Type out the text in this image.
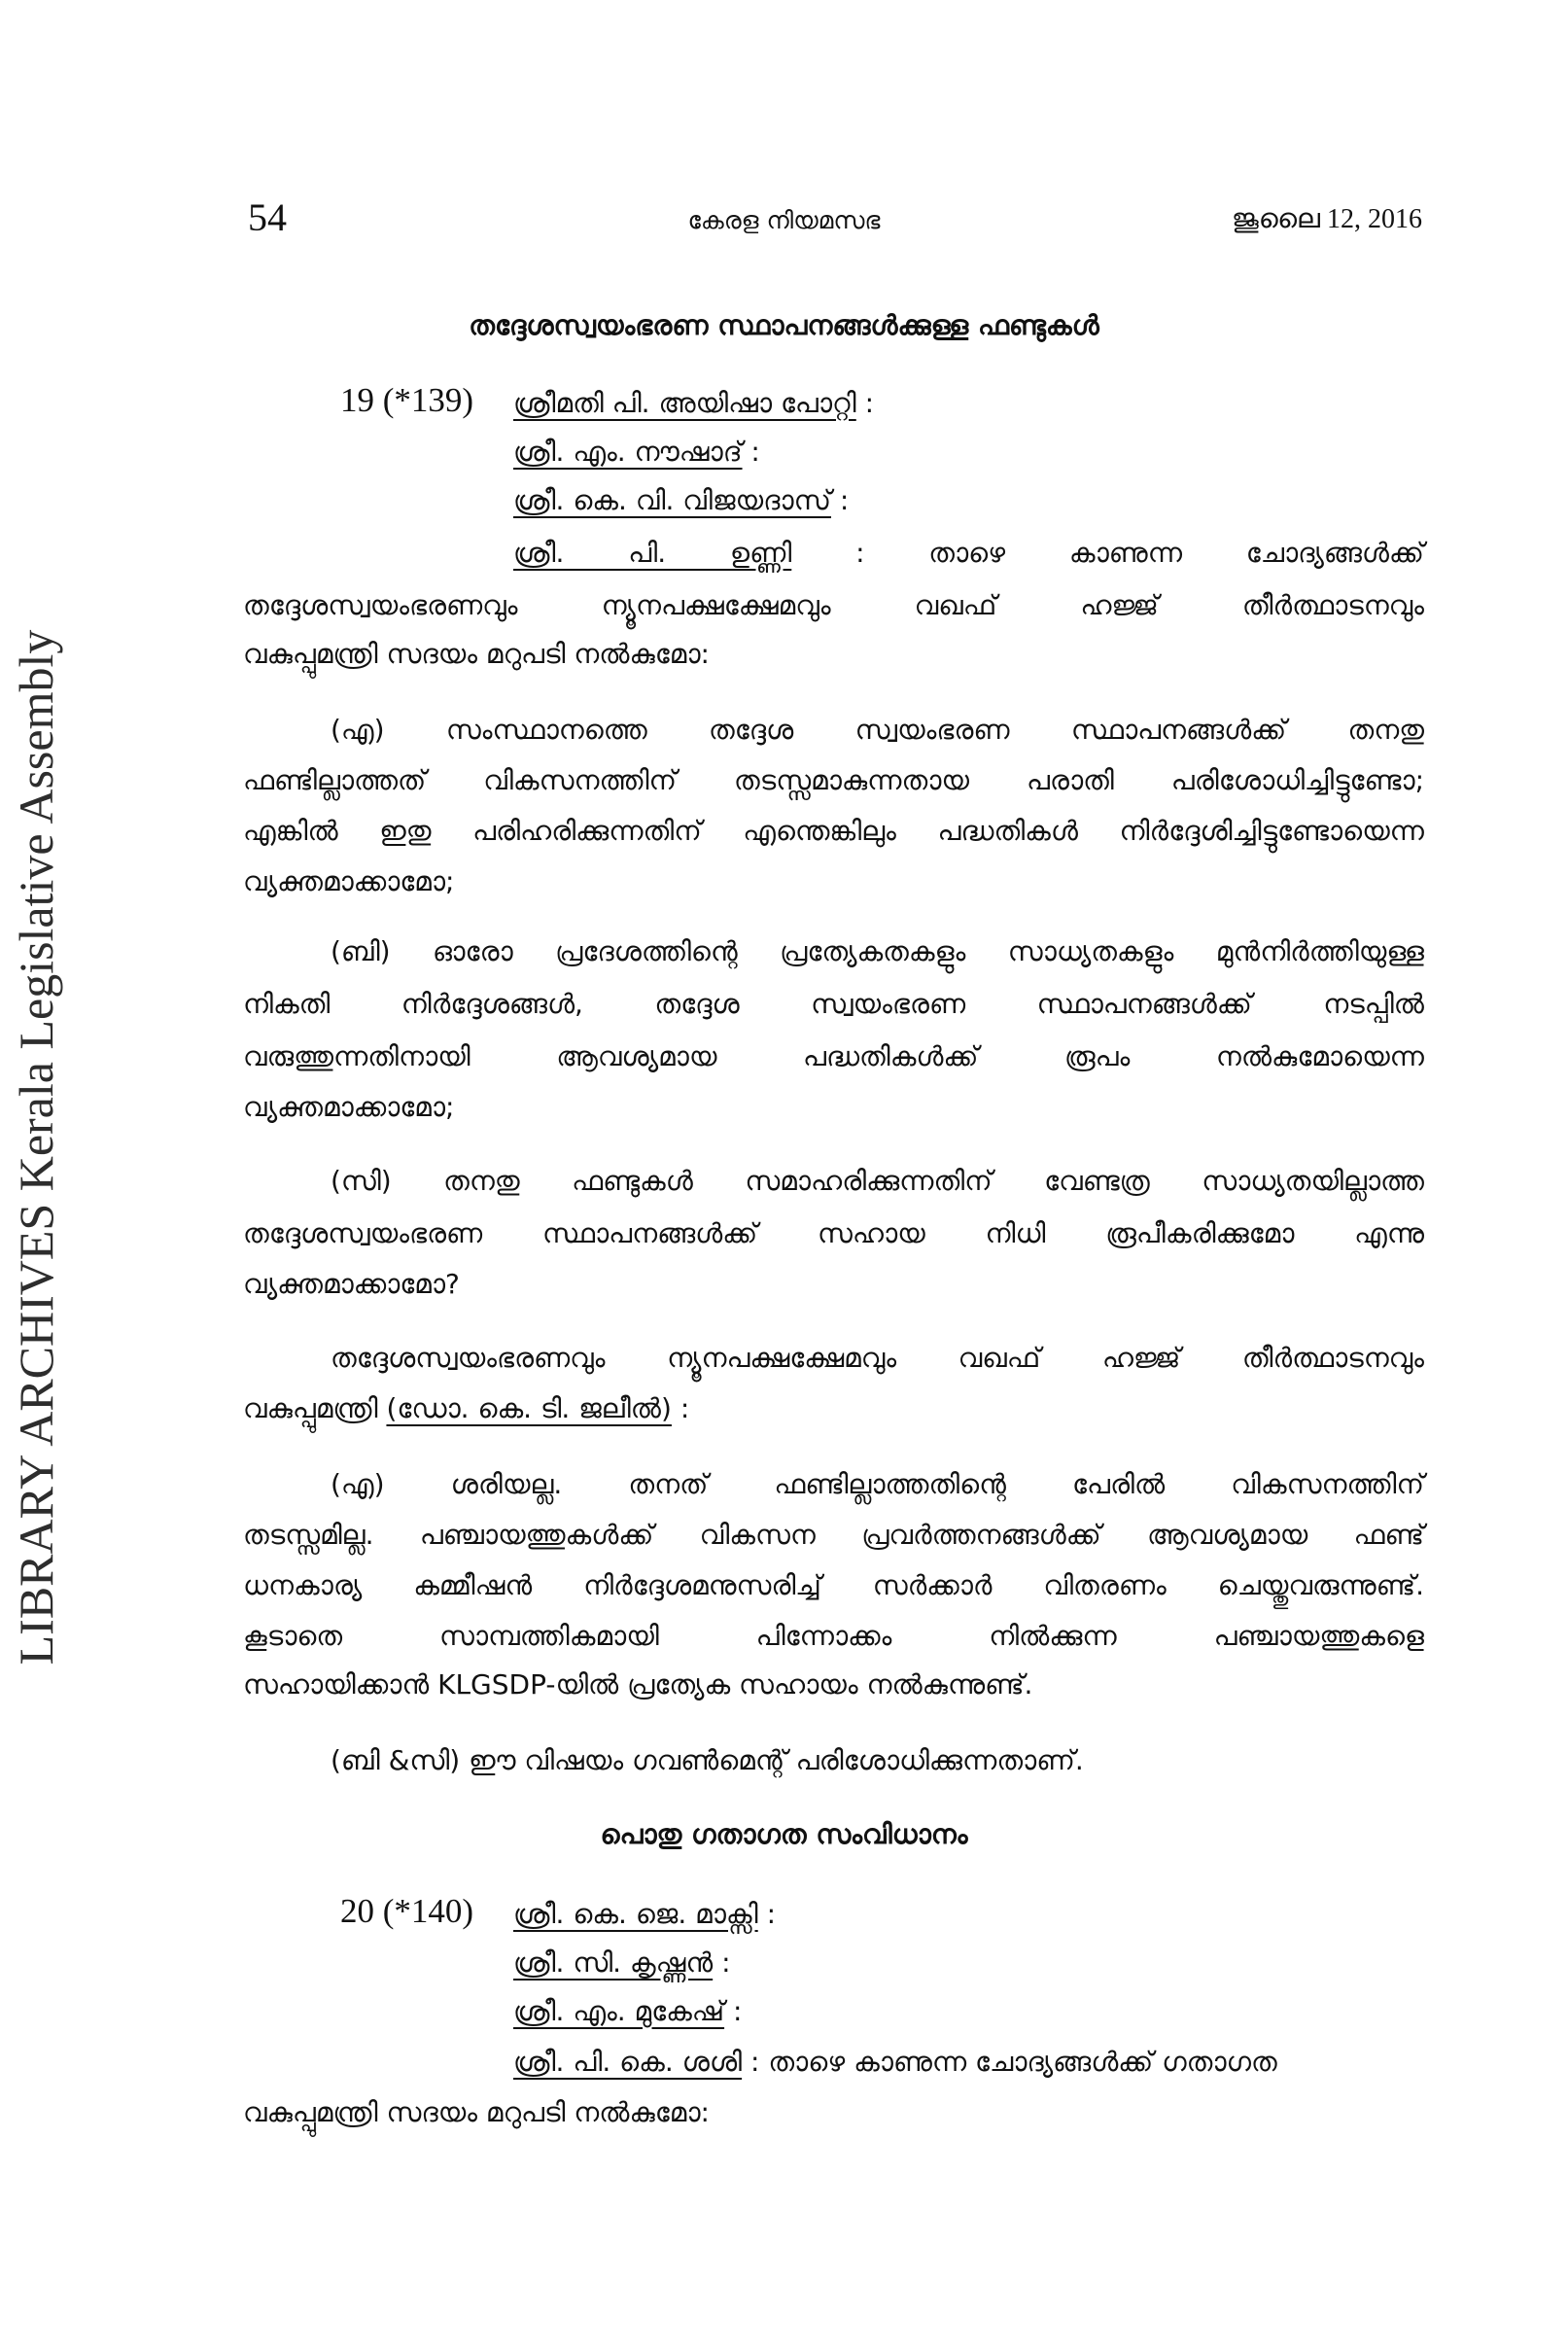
54	കേരള നിയമസഭ	ജൂലൈ 12, 2016
LIBRARY ARCHIVES Kerala Legislative Assembly
തദ്ദേശസ്വയംഭരണ സ്ഥാപനങ്ങൾക്കുള്ള ഫണ്ടുകൾ
19 (*139) ശ്രീമതി പി. അയിഷാ പോറ്റി :
ശ്രീ. എം. നൗഷാദ് :
ശ്രീ. കെ. വി. വിജയദാസ് :
ശ്രീ. പി. ഉണ്ണി : താഴെ കാണുന്ന ചോദ്യങ്ങൾക്ക്
തദ്ദേശസ്വയംഭരണവും ന്യൂനപക്ഷക്ഷേമവും വഖഫ് ഹജ്ജ് തീർത്ഥാടനവും
വകുപ്പുമന്ത്രി സദയം മറുപടി നൽകുമോ:
(എ) സംസ്ഥാനത്തെ തദ്ദേശ സ്വയംഭരണ സ്ഥാപനങ്ങൾക്ക് തനതു
ഫണ്ടില്ലാത്തത് വികസനത്തിന് തടസ്സമാകുന്നതായ പരാതി പരിശോധിച്ചിട്ടുണ്ടോ;
എങ്കിൽ ഇതു പരിഹരിക്കുന്നതിന് എന്തെങ്കിലും പദ്ധതികൾ നിർദ്ദേശിച്ചിട്ടുണ്ടോയെന്ന
വ്യക്തമാക്കാമോ;
(ബി) ഓരോ പ്രദേശത്തിന്റെ പ്രത്യേകതകളും സാധ്യതകളും മുൻനിർത്തിയുള്ള
നികതി നിർദ്ദേശങ്ങൾ, തദ്ദേശ സ്വയംഭരണ സ്ഥാപനങ്ങൾക്ക് നടപ്പിൽ
വരുത്തുന്നതിനായി ആവശ്യമായ പദ്ധതികൾക്ക് രൂപം നൽകുമോയെന്ന
വ്യക്തമാക്കാമോ;
(സി) തനതു ഫണ്ടുകൾ സമാഹരിക്കുന്നതിന് വേണ്ടത്ര സാധ്യതയില്ലാത്ത
തദ്ദേശസ്വയംഭരണ സ്ഥാപനങ്ങൾക്ക് സഹായ നിധി രൂപീകരിക്കുമോ എന്നു
വ്യക്തമാക്കാമോ?
തദ്ദേശസ്വയംഭരണവും ന്യൂനപക്ഷക്ഷേമവും വഖഫ് ഹജ്ജ് തീർത്ഥാടനവും
വകുപ്പുമന്ത്രി (ഡോ. കെ. ടി. ജലീൽ) :
(എ) ശരിയല്ല. തനത് ഫണ്ടില്ലാത്തതിന്റെ പേരിൽ വികസനത്തിന്
തടസ്സമില്ല. പഞ്ചായത്തുകൾക്ക് വികസന പ്രവർത്തനങ്ങൾക്ക് ആവശ്യമായ ഫണ്ട്
ധനകാര്യ കമ്മീഷൻ നിർദ്ദേശമനുസരിച്ച് സർക്കാർ വിതരണം ചെയ്തുവരുന്നുണ്ട്.
കൂടാതെ സാമ്പത്തികമായി പിന്നോക്കം നിൽക്കുന്ന പഞ്ചായത്തുകളെ
സഹായിക്കാൻ KLGSDP-യിൽ പ്രത്യേക സഹായം നൽകുന്നുണ്ട്.
(ബി &സി) ഈ വിഷയം ഗവൺമെന്റ് പരിശോധിക്കുന്നതാണ്.
പൊതു ഗതാഗത സംവിധാനം
20 (*140) ശ്രീ. കെ. ജെ. മാക്സി :
ശ്രീ. സി. കൃഷ്ണൻ :
ശ്രീ. എം. മുകേഷ് :
ശ്രീ. പി. കെ. ശശി : താഴെ കാണുന്ന ചോദ്യങ്ങൾക്ക് ഗതാഗത
വകുപ്പുമന്ത്രി സദയം മറുപടി നൽകുമോ:
